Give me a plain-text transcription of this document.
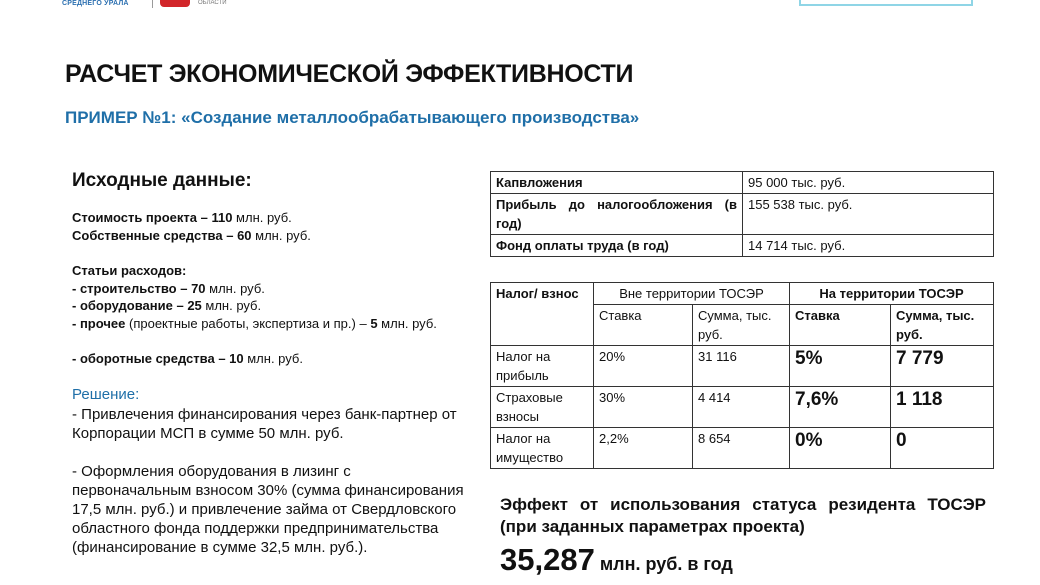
СРЕДНЕГО УРАЛА	ОБЛАСТИ
РАСЧЕТ ЭКОНОМИЧЕСКОЙ ЭФФЕКТИВНОСТИ
ПРИМЕР №1: «Создание металлообрабатывающего производства»
Исходные данные:
Стоимость проекта – 110 млн. руб.
Собственные средства – 60 млн. руб.
Статьи расходов:
- строительство – 70 млн. руб.
- оборудование – 25 млн. руб.
- прочее (проектные работы, экспертиза и пр.) – 5 млн. руб.
- оборотные средства – 10 млн. руб.
Решение:
- Привлечения финансирования через банк-партнер от Корпорации МСП в сумме 50 млн. руб.
- Оформления оборудования в лизинг с первоначальным взносом 30% (сумма финансирования 17,5 млн. руб.) и привлечение займа от Свердловского областного фонда поддержки предпринимательства (финансирование в сумме 32,5 млн. руб.).
Капвложения	95 000 тыс. руб.
Прибыль до налогообложения (в год)	155 538 тыс. руб.
Фонд оплаты труда (в год)	14 714 тыс. руб.
Налог/ взнос	Вне территории ТОСЭР		На территории ТОСЭР	
	Ставка	Сумма, тыс. руб.	Ставка	Сумма, тыс. руб.
Налог на прибыль	20%	31 116	5%	7 779
Страховые взносы	30%	4 414	7,6%	1 118
Налог на имущество	2,2%	8 654	0%	0
Эффект от использования статуса резидента ТОСЭР (при заданных параметрах проекта)
35,287 млн. руб. в год
